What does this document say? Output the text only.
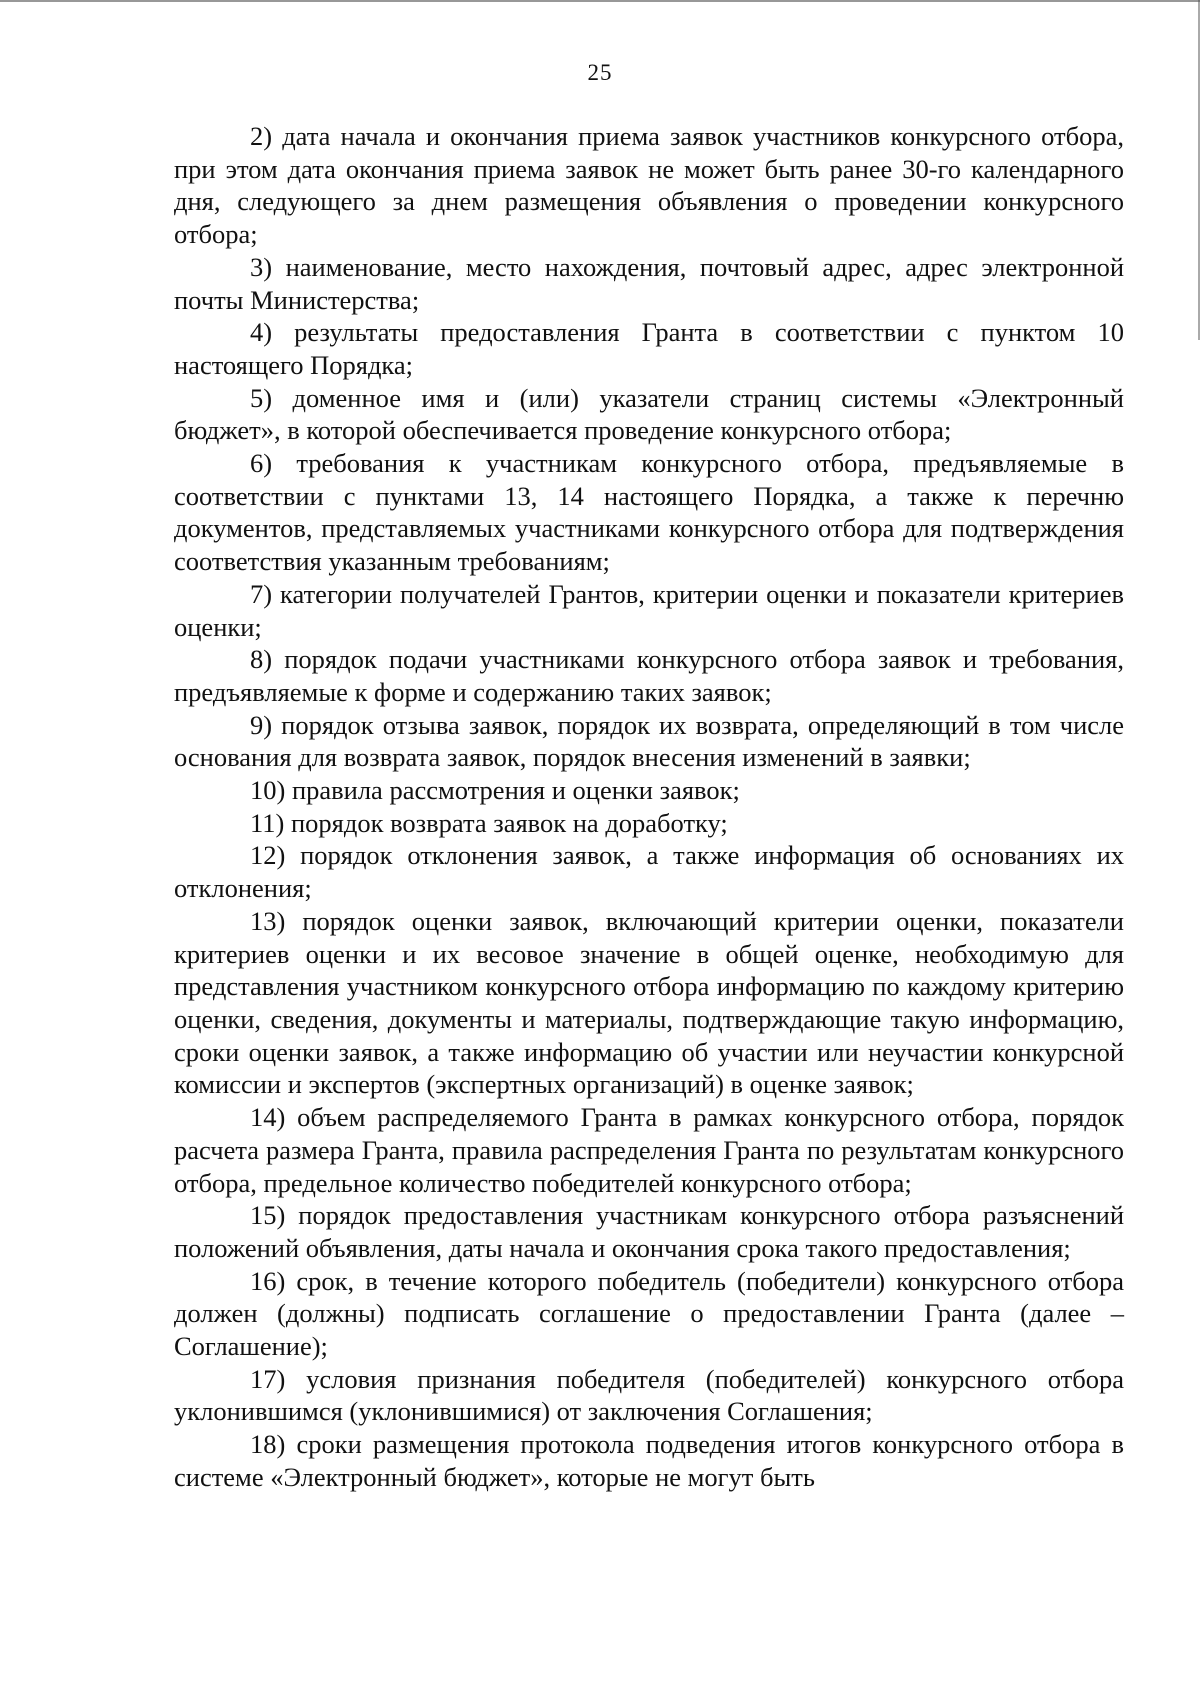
25

2) дата начала и окончания приема заявок участников конкурсного отбора, при этом дата окончания приема заявок не может быть ранее 30-го календарного дня, следующего за днем размещения объявления о проведении конкурсного отбора;

3) наименование, место нахождения, почтовый адрес, адрес электронной почты Министерства;

4) результаты предоставления Гранта в соответствии с пунктом 10 настоящего Порядка;

5) доменное имя и (или) указатели страниц системы «Электронный бюджет», в которой обеспечивается проведение конкурсного отбора;

6) требования к участникам конкурсного отбора, предъявляемые в соответствии с пунктами 13, 14 настоящего Порядка, а также к перечню документов, представляемых участниками конкурсного отбора для подтверждения соответствия указанным требованиям;

7) категории получателей Грантов, критерии оценки и показатели критериев оценки;

8) порядок подачи участниками конкурсного отбора заявок и требования, предъявляемые к форме и содержанию таких заявок;

9) порядок отзыва заявок, порядок их возврата, определяющий в том числе основания для возврата заявок, порядок внесения изменений в заявки;

10) правила рассмотрения и оценки заявок;

11) порядок возврата заявок на доработку;

12) порядок отклонения заявок, а также информация об основаниях их отклонения;

13) порядок оценки заявок, включающий критерии оценки, показатели критериев оценки и их весовое значение в общей оценке, необходимую для представления участником конкурсного отбора информацию по каждому критерию оценки, сведения, документы и материалы, подтверждающие такую информацию, сроки оценки заявок, а также информацию об участии или неучастии конкурсной комиссии и экспертов (экспертных организаций) в оценке заявок;

14) объем распределяемого Гранта в рамках конкурсного отбора, порядок расчета размера Гранта, правила распределения Гранта по результатам конкурсного отбора, предельное количество победителей конкурсного отбора;

15) порядок предоставления участникам конкурсного отбора разъяснений положений объявления, даты начала и окончания срока такого предоставления;

16) срок, в течение которого победитель (победители) конкурсного отбора должен (должны) подписать соглашение о предоставлении Гранта (далее – Соглашение);

17) условия признания победителя (победителей) конкурсного отбора уклонившимся (уклонившимися) от заключения Соглашения;

18) сроки размещения протокола подведения итогов конкурсного отбора в системе «Электронный бюджет», которые не могут быть
